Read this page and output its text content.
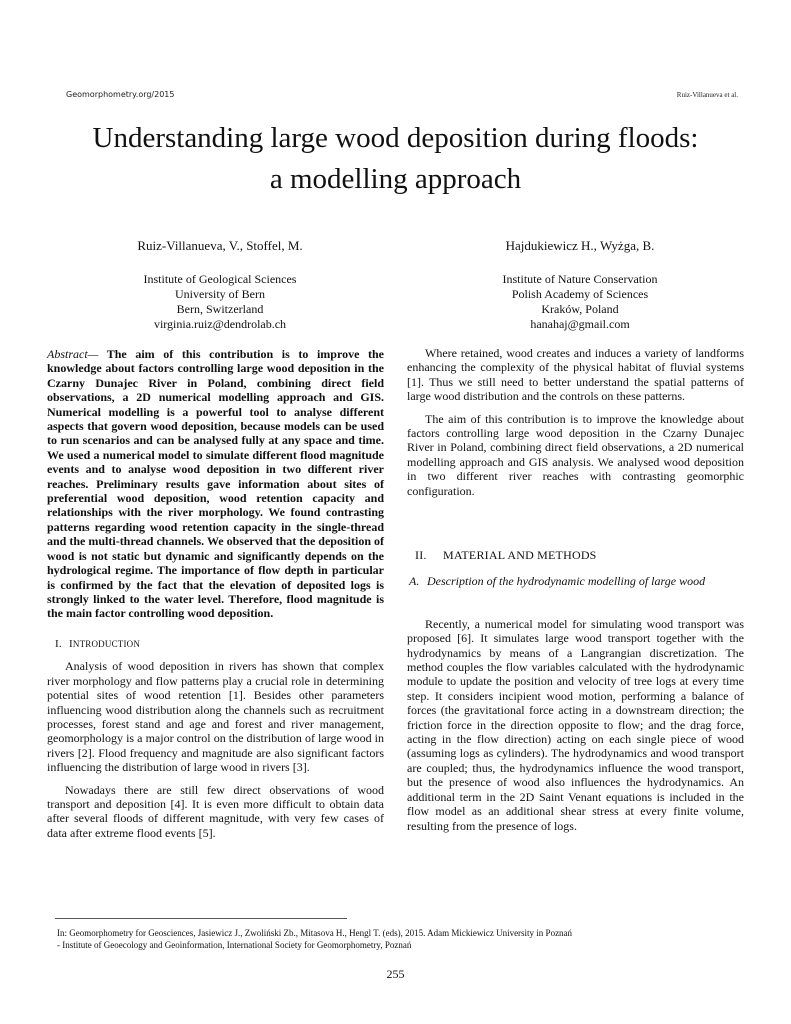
Geomorphometry.org/2015	Ruiz-Villanueva et al.
Understanding large wood deposition during floods:
a modelling approach
Ruiz-Villanueva, V., Stoffel, M.
Institute of Geological Sciences
University of Bern
Bern, Switzerland
virginia.ruiz@dendrolab.ch
Hajdukiewicz H., Wyżga, B.
Institute of Nature Conservation
Polish Academy of Sciences
Kraków, Poland
hanahaj@gmail.com

Abstract— The aim of this contribution is to improve the knowledge about factors controlling large wood deposition in the Czarny Dunajec River in Poland, combining direct field observations, a 2D numerical modelling approach and GIS. Numerical modelling is a powerful tool to analyse different aspects that govern wood deposition, because models can be used to run scenarios and can be analysed fully at any space and time. We used a numerical model to simulate different flood magnitude events and to analyse wood deposition in two different river reaches. Preliminary results gave information about sites of preferential wood deposition, wood retention capacity and relationships with the river morphology. We found contrasting patterns regarding wood retention capacity in the single-thread and the multi-thread channels. We observed that the deposition of wood is not static but dynamic and significantly depends on the hydrological regime. The importance of flow depth in particular is confirmed by the fact that the elevation of deposited logs is strongly linked to the water level. Therefore, flood magnitude is the main factor controlling wood deposition.

I. INTRODUCTION

Analysis of wood deposition in rivers has shown that complex river morphology and flow patterns play a crucial role in determining potential sites of wood retention [1]. Besides other parameters influencing wood distribution along the channels such as recruitment processes, forest stand and age and forest and river management, geomorphology is a major control on the distribution of large wood in rivers [2]. Flood frequency and magnitude are also significant factors influencing the distribution of large wood in rivers [3].

Nowadays there are still few direct observations of wood transport and deposition [4]. It is even more difficult to obtain data after several floods of different magnitude, with very few cases of data after extreme flood events [5].

Where retained, wood creates and induces a variety of landforms enhancing the complexity of the physical habitat of fluvial systems [1]. Thus we still need to better understand the spatial patterns of large wood distribution and the controls on these patterns.

The aim of this contribution is to improve the knowledge about factors controlling large wood deposition in the Czarny Dunajec River in Poland, combining direct field observations, a 2D numerical modelling approach and GIS analysis. We analysed wood deposition in two different river reaches with contrasting geomorphic configuration.

II. MATERIAL AND METHODS
A. Description of the hydrodynamic modelling of large wood

Recently, a numerical model for simulating wood transport was proposed [6]. It simulates large wood transport together with the hydrodynamics by means of a Langrangian discretization. The method couples the flow variables calculated with the hydrodynamic module to update the position and velocity of tree logs at every time step. It considers incipient wood motion, performing a balance of forces (the gravitational force acting in a downstream direction; the friction force in the direction opposite to flow; and the drag force, acting in the flow direction) acting on each single piece of wood (assuming logs as cylinders). The hydrodynamics and wood transport are coupled; thus, the hydrodynamics influence the wood transport, but the presence of wood also influences the hydrodynamics. An additional term in the 2D Saint Venant equations is included in the flow model as an additional shear stress at every finite volume, resulting from the presence of logs.

In: Geomorphometry for Geosciences, Jasiewicz J., Zwoliński Zb., Mitasova H., Hengl T. (eds), 2015. Adam Mickiewicz University in Poznań
- Institute of Geoecology and Geoinformation, International Society for Geomorphometry, Poznań
255
